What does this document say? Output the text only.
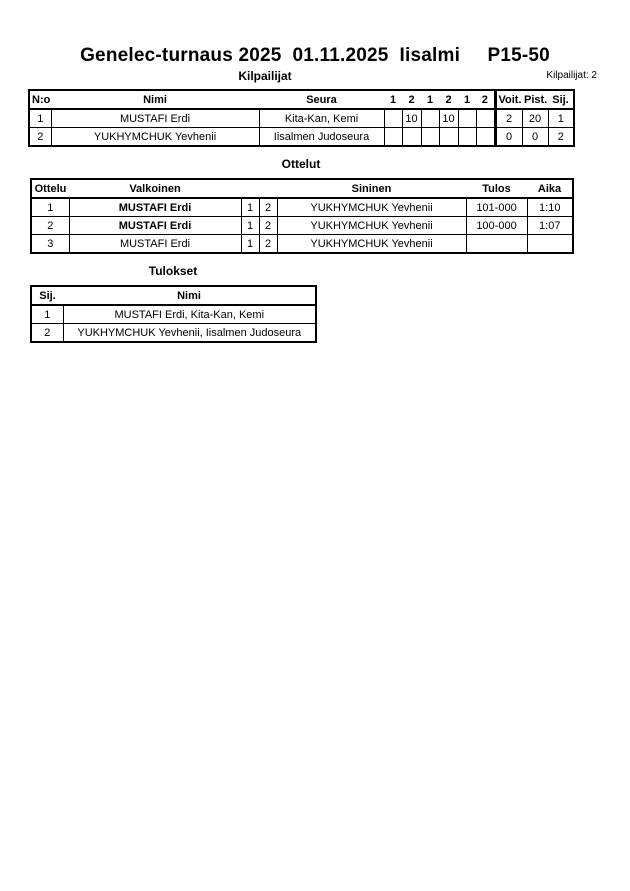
Genelec-turnaus 2025  01.11.2025  Iisalmi     P15-50
Kilpailijat	Kilpailijat: 2
N:o	Nimi	Seura	1	2	1	2	1	2	Voit.	Pist.	Sij.
1	MUSTAFI Erdi	Kita-Kan, Kemi		10		10			2	20	1
2	YUKHYMCHUK Yevhenii	Iisalmen Judoseura							0	0	2
Ottelut
Ottelu	Valkoinen			Sininen	Tulos	Aika
1	MUSTAFI Erdi	1	2	YUKHYMCHUK Yevhenii	101-000	1:10
2	MUSTAFI Erdi	1	2	YUKHYMCHUK Yevhenii	100-000	1:07
3	MUSTAFI Erdi	1	2	YUKHYMCHUK Yevhenii		
Tulokset
Sij.	Nimi
1	MUSTAFI Erdi, Kita-Kan, Kemi
2	YUKHYMCHUK Yevhenii, Iisalmen Judoseura
